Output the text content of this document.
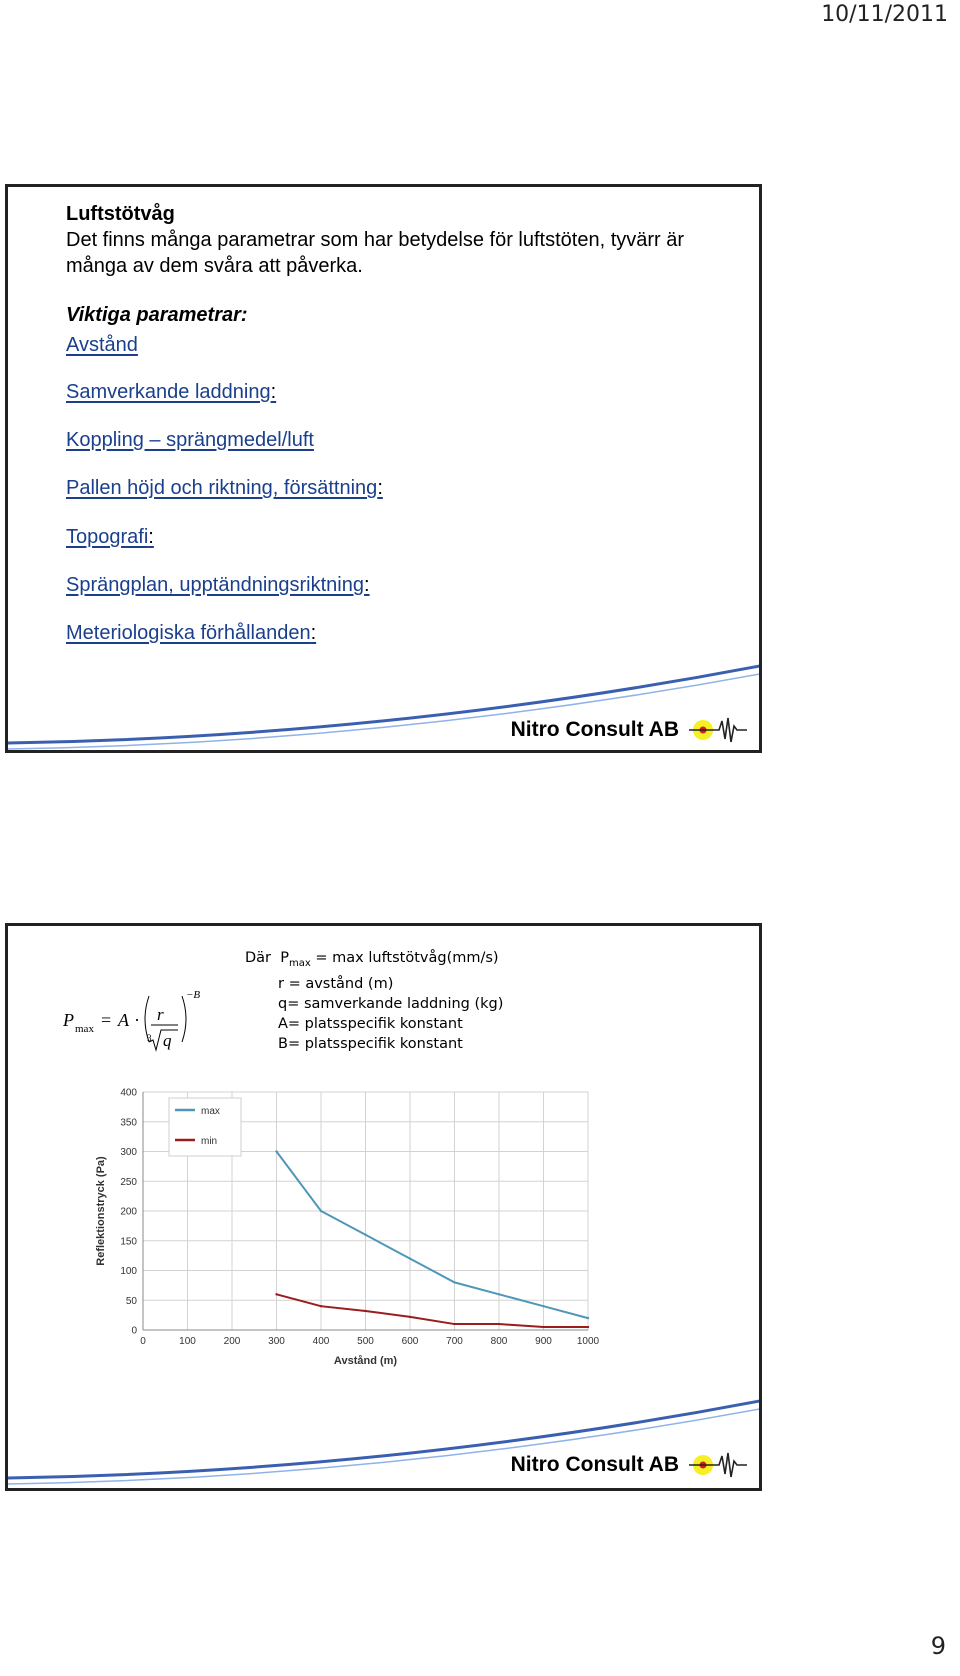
10/11/2011
Luftstötvåg
Det finns många parametrar som har betydelse för luftstöten, tyvärr är många av dem svåra att påverka.
Viktiga parametrar:
Avstånd
Samverkande laddning:
Koppling – sprängmedel/luft
Pallen höjd och riktning, försättning:
Topografi:
Sprängplan, upptändningsriktning:
Meteriologiska förhållanden:
Nitro Consult AB
P max = A · r
3 q
−B
Där $P_{max} = \max$ luftstötvåg(mm/s)
r = avstånd (m)
q= samverkande laddning (kg)
A= platsspecifik konstant
B= platsspecifik konstant
0
50
100
150
200
250
300
350
400
0	100	200	300	400	500	600	700	800	900	1000
Avstånd (m)
Reflektionstryck (Pa)
max
min
Nitro Consult AB
9
